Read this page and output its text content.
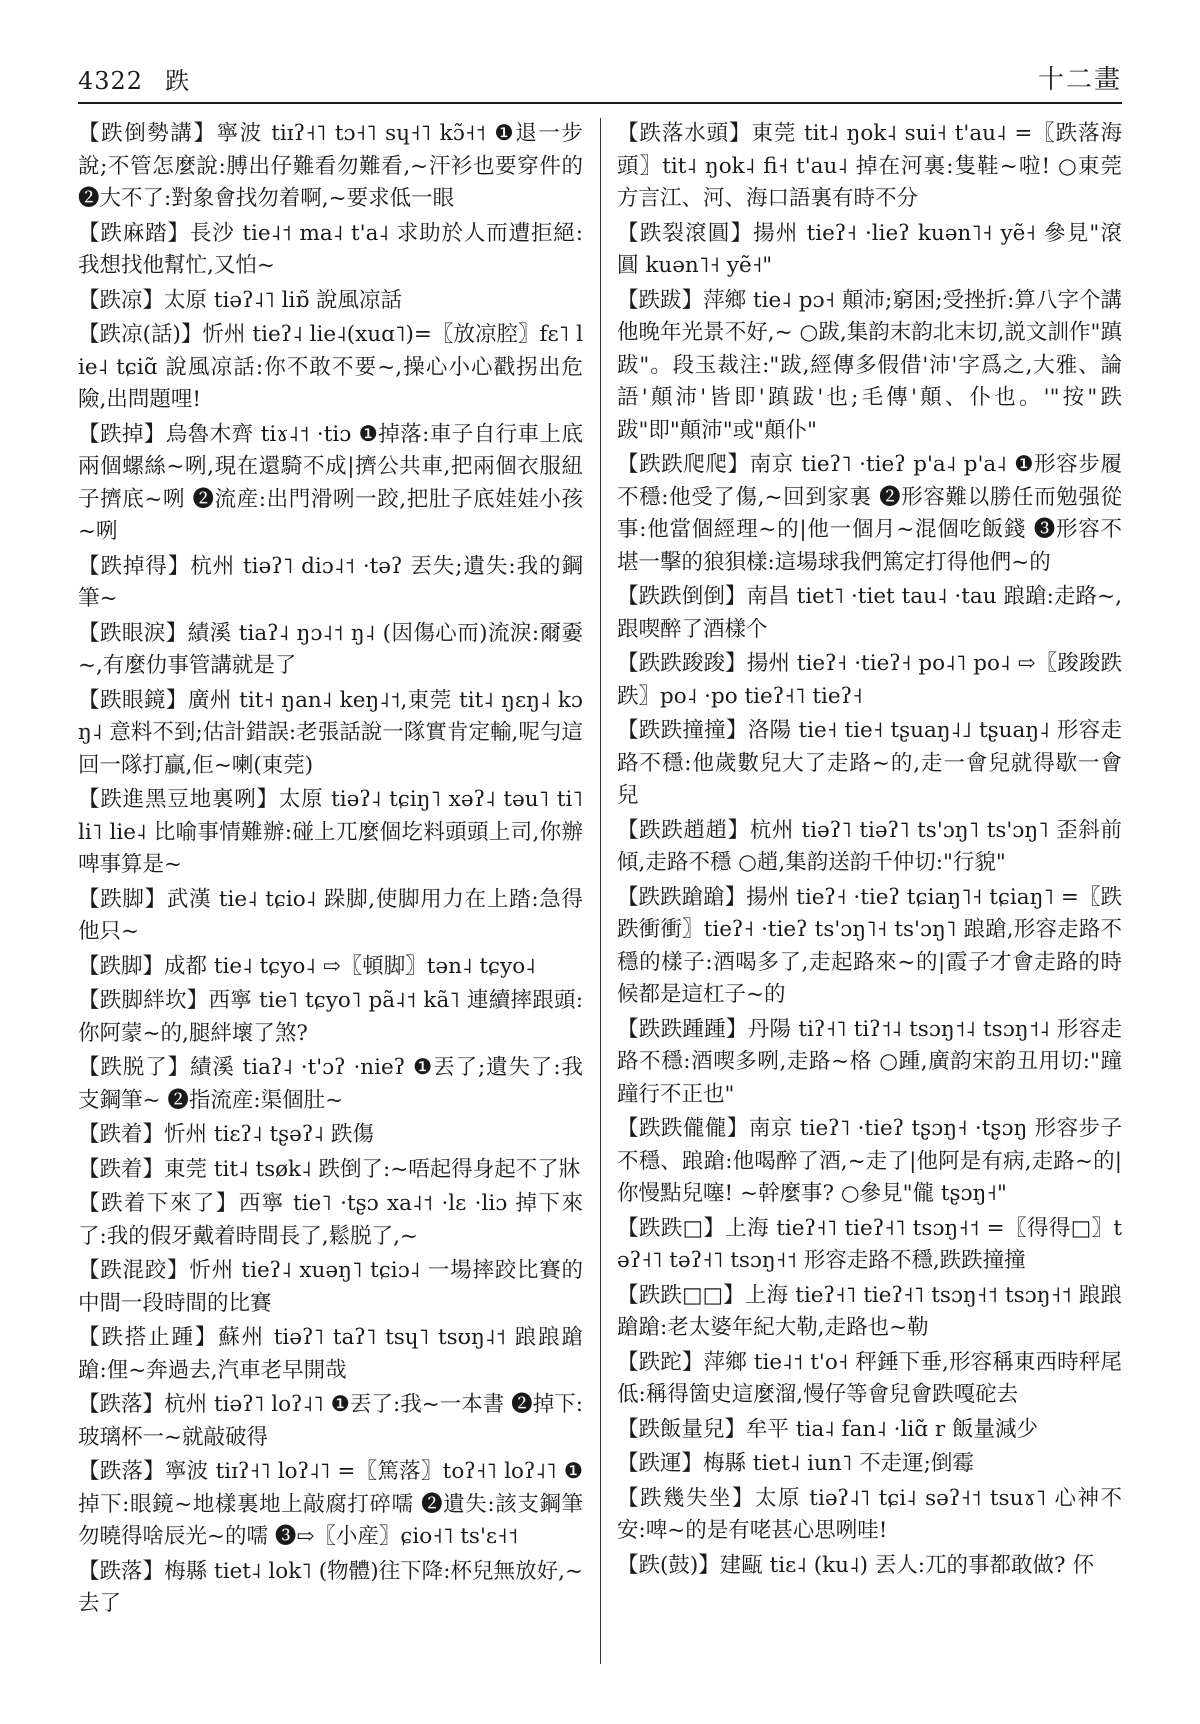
4322 跌	十二畫

【跌倒勢講】寧波 tiɪʔ˧˥ tɔ˧˥ sɥ˧˥ kɔ̃˧˦ ❶退一步說;不管怎麼說:膊出仔難看勿難看,~汗衫也要穿件的 ❷大不了:對象會找勿着啊,~要求低一眼

【跌麻踏】長沙 tie˨˦ ma˨ t'a˨ 求助於人而遭拒絕:我想找他幫忙,又怕~

【跌凉】太原 tiəʔ˨˥ liɒ̃ 說風凉話

【跌凉(話)】忻州 tieʔ˨ lie˨(xuɑ˥)=〖放凉腔〗fɛ˥ lie˨ tɕiɑ̃ 說風凉話:你不敢不要~,操心小心戳拐出危險,出問題哩!

【跌掉】烏魯木齊 tiɤ˨˦ ·tiɔ ❶掉落:車子自行車上底兩個螺絲~咧,現在還騎不成|擠公共車,把兩個衣服紐子擠底~咧 ❷流産:出門滑咧一跤,把肚子底娃娃小孩~咧

【跌掉得】杭州 tiəʔ˥ diɔ˨˦ ·təʔ 丟失;遺失:我的鋼筆~

【跌眼淚】績溪 tiaʔ˨ ŋɔ˨˦ ŋ˨ (因傷心而)流淚:爾嫑~,有麼仂事管講就是了

【跌眼鏡】廣州 tit˧ ŋan˨ keŋ˨˦,東莞 tit˨ ŋɛŋ˨ kɔŋ˨ 意料不到;估計錯誤:老張話說一隊實肯定輸,呢勻這回一隊打贏,佢~喇(東莞)

【跌進黑豆地裏咧】太原 tiəʔ˨ tɕiŋ˥ xəʔ˨ təu˥ ti˥ li˥ lie˨ 比喻事情難辦:碰上兀麼個圪料頭頭上司,你辦啤事算是~

【跌脚】武漢 tie˨ tɕio˨ 跺脚,使脚用力在上踏:急得他只~

【跌脚】成都 tie˨ tɕyo˨ ⇨〖頓脚〗tən˨ tɕyo˨

【跌脚絆坎】西寧 tie˥ tɕyo˥ pã˨˦ kã˥ 連續摔跟頭:你阿蒙~的,腿絆壞了煞?

【跌脱了】績溪 tiaʔ˨ ·t'ɔʔ ·nieʔ ❶丟了;遺失了:我支鋼筆~ ❷指流産:渠個肚~

【跌着】忻州 tiɛʔ˨ tʂəʔ˨ 跌傷

【跌着】東莞 tit˨ tsøk˨ 跌倒了:~唔起得身起不了牀

【跌着下來了】西寧 tie˥ ·tʂɔ xa˨˦ ·lɛ ·liɔ 掉下來了:我的假牙戴着時間長了,鬆脱了,~

【跌混跤】忻州 tieʔ˨ xuəŋ˥ tɕiɔ˨ 一場摔跤比賽的中間一段時間的比賽

【跌搭止踵】蘇州 tiəʔ˥ taʔ˥ tsɥ˥ tsʊŋ˨˦ 踉踉蹌蹌:俚~奔過去,汽車老早開哉

【跌落】杭州 tiəʔ˥ loʔ˨˥ ❶丟了:我~一本書 ❷掉下:玻璃杯一~就敲破得

【跌落】寧波 tiɪʔ˧˥ loʔ˨˥ =〖篤落〗toʔ˧˥ loʔ˨˥ ❶掉下:眼鏡~地樣裏地上敲腐打碎嚅 ❷遺失:該支鋼筆勿曉得啥辰光~的嚅 ❸⇨〖小産〗ɕio˧˥ ts'ɛ˧˦

【跌落】梅縣 tiet˨ lok˥ (物體)往下降:杯兒無放好,~去了

【跌落水頭】東莞 tit˨ ŋok˨ sui˧ t'au˨ =〖跌落海頭〗tit˨ ŋok˨ fi˧ t'au˨ 掉在河裏:隻鞋~啦! ○東莞方言江、河、海口語裏有時不分

【跌裂滾圓】揚州 tieʔ˧ ·lieʔ kuən˥˧ yẽ˧ 參見"滾圓 kuən˥˧ yẽ˧"

【跌跋】萍鄉 tie˨ pɔ˧ 顛沛;窮困;受挫折:算八字个講他晚年光景不好,~ ○跋,集韵末韵北末切,説文訓作"蹎跋"。段玉裁注:"跋,經傳多假借'沛'字爲之,大雅、論語'顛沛'皆即'蹎跋'也;毛傳'顛、仆也。'"按"跌跋"即"顛沛"或"顛仆"

【跌跌爬爬】南京 tieʔ˥ ·tieʔ p'a˨ p'a˨ ❶形容步履不穩:他受了傷,~回到家裏 ❷形容難以勝任而勉强從事:他當個經理~的|他一個月~混個吃飯錢 ❸形容不堪一擊的狼狽樣:這場球我們篤定打得他們~的

【跌跌倒倒】南昌 tiet˥ ·tiet tau˨ ·tau 踉蹌:走路~,跟喫醉了酒樣个

【跌跌踆踆】揚州 tieʔ˧ ·tieʔ˧ po˨˥ po˨ ⇨〖踆踆跌跌〗po˨ ·po tieʔ˧˥ tieʔ˧

【跌跌撞撞】洛陽 tie˧ tie˧ tʂuaŋ˨˩ tʂuaŋ˨ 形容走路不穩:他歲數兒大了走路~的,走一會兒就得歇一會兒

【跌跌趙趙】杭州 tiəʔ˥ tiəʔ˥ ts'ɔŋ˥ ts'ɔŋ˥ 歪斜前傾,走路不穩 ○趙,集韵送韵千仲切:"行貌"

【跌跌蹌蹌】揚州 tieʔ˧ ·tieʔ tɕiaŋ˥˧ tɕiaŋ˥ =〖跌跌衝衝〗tieʔ˧ ·tieʔ ts'ɔŋ˥˧ ts'ɔŋ˥ 踉蹌,形容走路不穩的樣子:酒喝多了,走起路來~的|霞子才會走路的時候都是這杠子~的

【跌跌踵踵】丹陽 tiʔ˧˥ tiʔ˦˨ tsɔŋ˦˨ tsɔŋ˦˨ 形容走路不穩:酒喫多咧,走路~格 ○踵,廣韵宋韵丑用切:"蹱蹱行不正也"

【跌跌儱儱】南京 tieʔ˥ ·tieʔ tʂɔŋ˧ ·tʂɔŋ 形容步子不穩、踉蹌:他喝醉了酒,~走了|他阿是有病,走路~的|你慢點兒噻! ~幹麼事? ○參見"儱 tʂɔŋ˧"

【跌跌□】上海 tieʔ˧˥ tieʔ˧˥ tsɔŋ˧˦ =〖得得□〗təʔ˧˥ təʔ˧˥ tsɔŋ˧˦ 形容走路不穩,跌跌撞撞

【跌跌□□】上海 tieʔ˧˥ tieʔ˧˥ tsɔŋ˧˦ tsɔŋ˧˦ 踉踉蹌蹌:老太婆年紀大勒,走路也~勒

【跌跎】萍鄉 tie˨˦ t'o˧ 秤錘下垂,形容稱東西時秤尾低:稱得箇史這麼溜,慢仔等會兒會跌嘎砣去

【跌飯量兒】牟平 tia˨ fan˨ ·liɑ̃ r 飯量減少

【跌運】梅縣 tiet˨ iun˥ 不走運;倒霉

【跌幾失坐】太原 tiəʔ˨˥ tɕi˨ səʔ˧˦ tsuɤ˥ 心神不安:啤~的是有咾甚心思咧哇!

【跌(鼓)】建甌 tiɛ˨ (ku˨) 丟人:兀的事都敢做? 伓
